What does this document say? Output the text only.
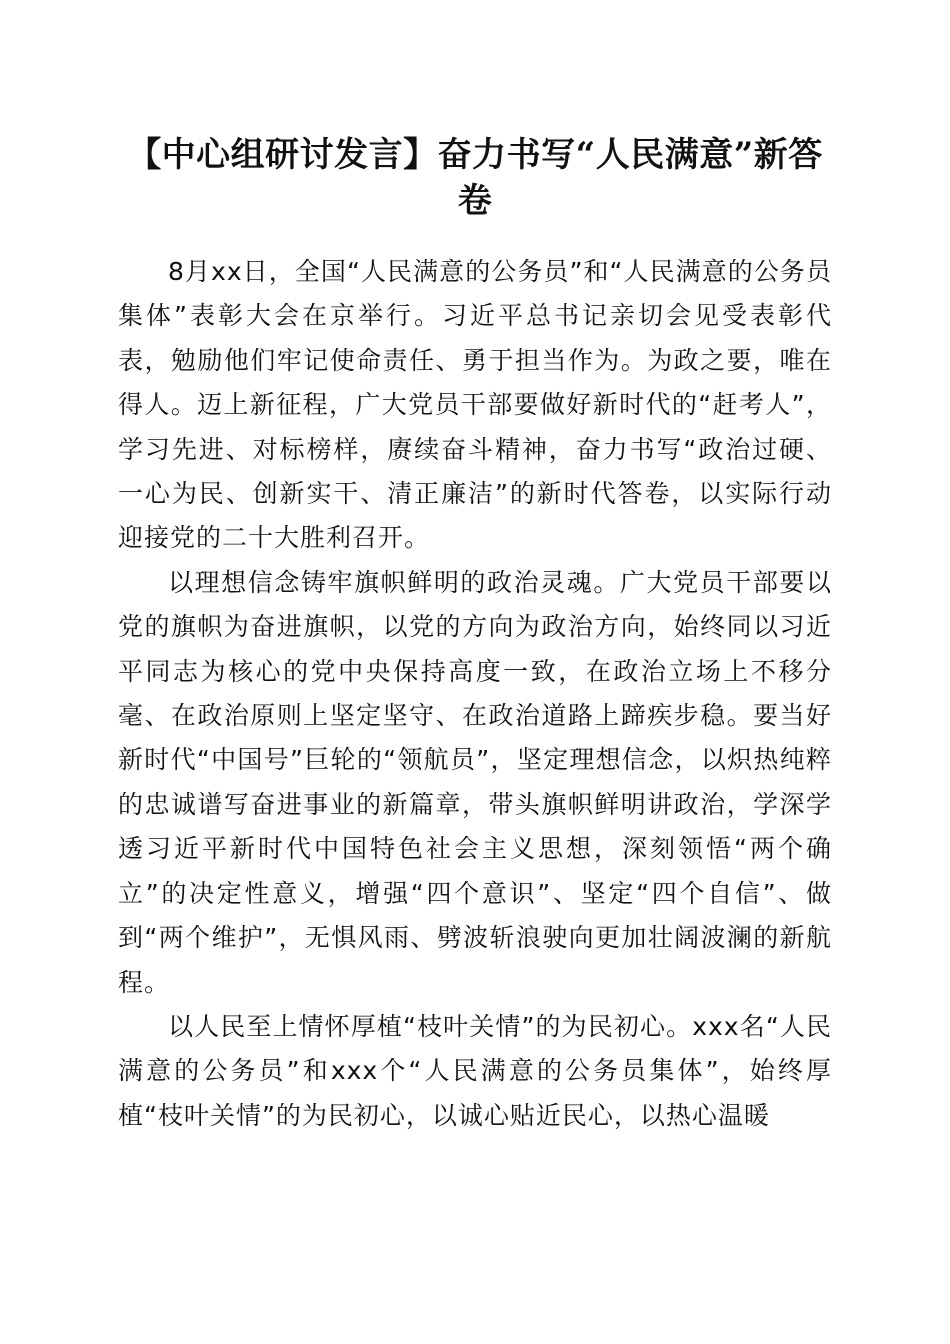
【中心组研讨发言】奋力书写“人民满意”新答卷

8月xx日，全国“人民满意的公务员”和“人民满意的公务员集体”表彰大会在京举行。习近平总书记亲切会见受表彰代表，勉励他们牢记使命责任、勇于担当作为。为政之要，唯在得人。迈上新征程，广大党员干部要做好新时代的“赶考人”，学习先进、对标榜样，赓续奋斗精神，奋力书写“政治过硬、一心为民、创新实干、清正廉洁”的新时代答卷，以实际行动迎接党的二十大胜利召开。

以理想信念铸牢旗帜鲜明的政治灵魂。广大党员干部要以党的旗帜为奋进旗帜，以党的方向为政治方向，始终同以习近平同志为核心的党中央保持高度一致，在政治立场上不移分毫、在政治原则上坚定坚守、在政治道路上蹄疾步稳。要当好新时代“中国号”巨轮的“领航员”，坚定理想信念，以炽热纯粹的忠诚谱写奋进事业的新篇章，带头旗帜鲜明讲政治，学深学透习近平新时代中国特色社会主义思想，深刻领悟“两个确立”的决定性意义，增强“四个意识”、坚定“四个自信”、做到“两个维护”，无惧风雨、劈波斩浪驶向更加壮阔波澜的新航程。

以人民至上情怀厚植“枝叶关情”的为民初心。xxx名“人民满意的公务员”和xxx个“人民满意的公务员集体”，始终厚植“枝叶关情”的为民初心，以诚心贴近民心，以热心温暖
